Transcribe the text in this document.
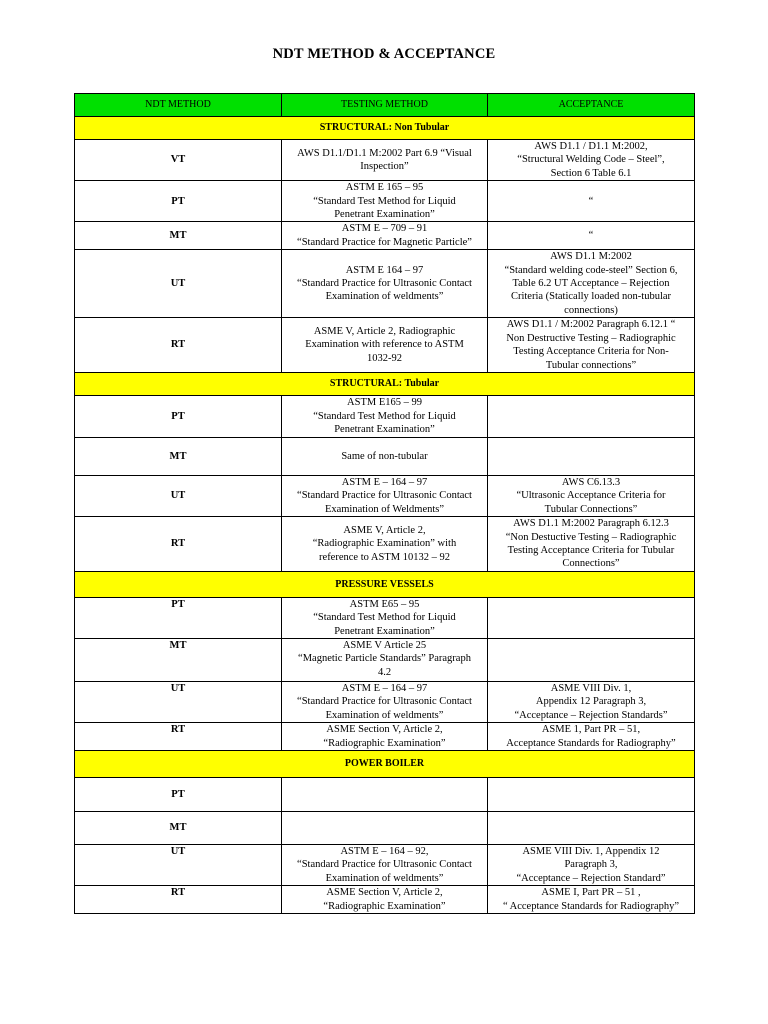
NDT METHOD & ACCEPTANCE
NDT METHOD	TESTING METHOD	ACCEPTANCE
STRUCTURAL: Non Tubular		
VT	AWS D1.1/D1.1 M:2002 Part 6.9 “Visual
Inspection”	AWS D1.1 / D1.1 M:2002,
“Structural Welding Code – Steel”,
Section 6 Table 6.1

PT	ASTM E 165 – 95
“Standard Test Method for Liquid
Penetrant Examination”	“

MT	ASTM E – 709 – 91
“Standard Practice for Magnetic Particle”	“

UT	ASTM E 164 – 97
“Standard Practice for Ultrasonic Contact
Examination of weldments”	AWS D1.1 M:2002
“Standard welding code-steel” Section 6,
Table 6.2 UT Acceptance – Rejection
Criteria (Statically loaded non-tubular
connections)

RT	ASME V, Article 2, Radiographic
Examination with reference to ASTM
1032-92	AWS D1.1 / M:2002 Paragraph 6.12.1 “
Non Destructive Testing – Radiographic
Testing Acceptance Criteria for Non-
Tubular connections”

STRUCTURAL: Tubular		
PT	ASTM E165 – 99
“Standard Test Method for Liquid
Penetrant Examination”	

MT	Same of non-tubular	

UT	ASTM E – 164 – 97
“Standard Practice for Ultrasonic Contact
Examination of Weldments”	AWS C6.13.3
“Ultrasonic Acceptance Criteria for
Tubular Connections”

RT	ASME V, Article 2,
“Radiographic Examination” with
reference to ASTM 10132 – 92	AWS D1.1 M:2002 Paragraph 6.12.3
“Non Destuctive Testing – Radiographic
Testing Acceptance Criteria for Tubular
Connections”

PRESSURE VESSELS		
PT	ASTM E65 – 95
“Standard Test Method for Liquid
Penetrant Examination”	

MT	ASME V Article 25
“Magnetic Particle Standards” Paragraph
4.2	

UT	ASTM E – 164 – 97
“Standard Practice for Ultrasonic Contact
Examination of weldments”	ASME VIII Div. 1,
Appendix 12 Paragraph 3,
“Acceptance – Rejection Standards”

RT	ASME Section V, Article 2,
“Radiographic Examination”	ASME 1, Part PR – 51,
Acceptance Standards for Radiography”

POWER BOILER		
PT		
MT		
UT	ASTM E – 164 – 92,
“Standard Practice for Ultrasonic Contact
Examination of weldments”	ASME VIII Div. 1, Appendix 12
Paragraph 3,
“Acceptance – Rejection Standard”

RT	ASME Section V, Article 2,
“Radiographic Examination”	ASME I, Part PR – 51 ,
“ Acceptance Standards for Radiography”
